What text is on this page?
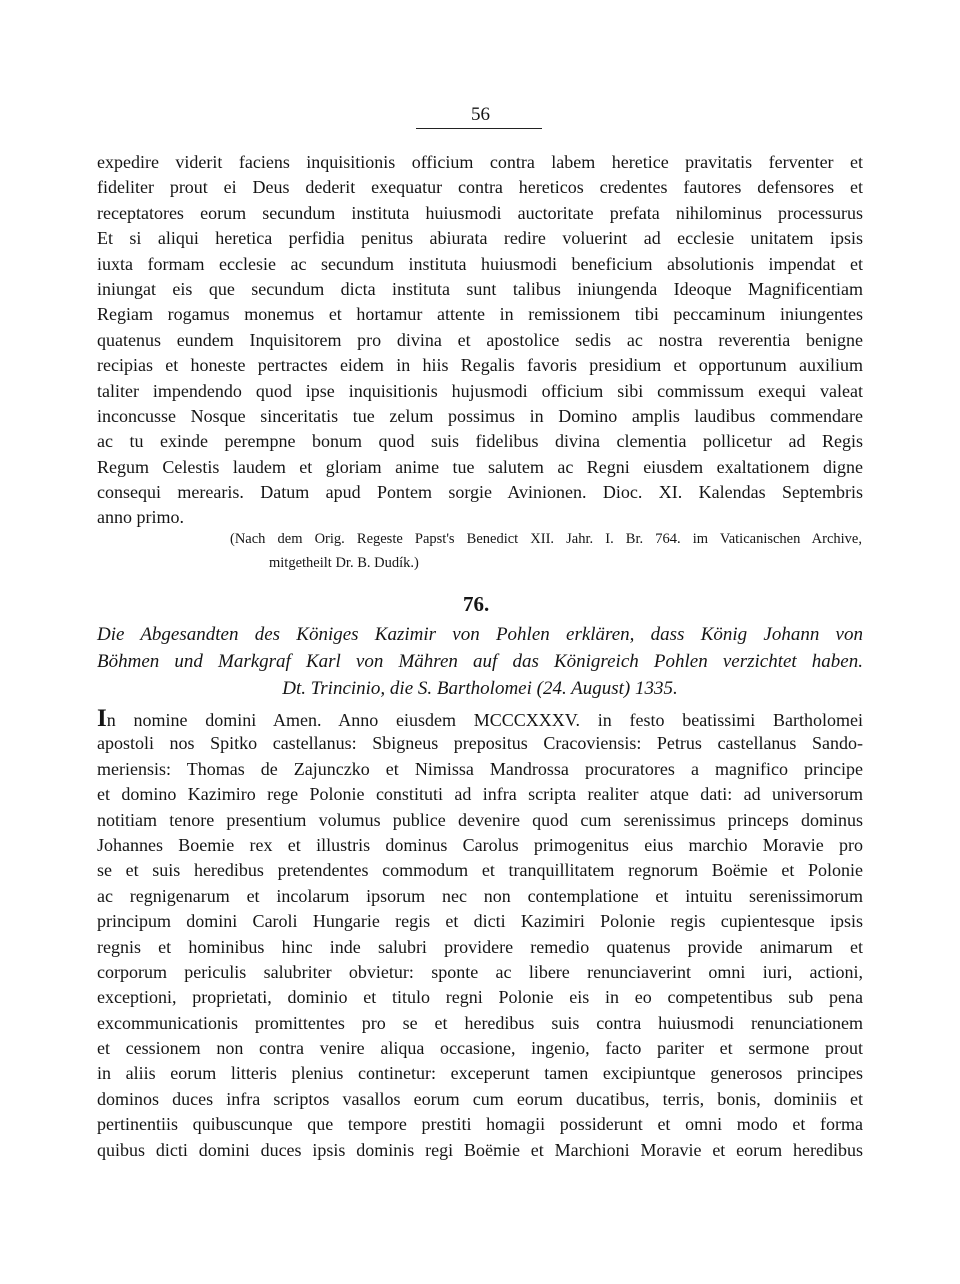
56
expedire viderit faciens inquisitionis officium contra labem heretice pravitatis ferventer et
fideliter prout ei Deus dederit exequatur contra hereticos credentes fautores defensores et
receptatores eorum secundum instituta huiusmodi auctoritate prefata nihilominus processurus
Et si aliqui heretica perfidia penitus abiurata redire voluerint ad ecclesie unitatem ipsis
iuxta formam ecclesie ac secundum instituta huiusmodi beneficium absolutionis impendat et
iniungat eis que secundum dicta instituta sunt talibus iniungenda Ideoque Magnificentiam
Regiam rogamus monemus et hortamur attente in remissionem tibi peccaminum iniungentes
quatenus eundem Inquisitorem pro divina et apostolice sedis ac nostra reverentia benigne
recipias et honeste pertractes eidem in hiis Regalis favoris presidium et opportunum auxilium
taliter impendendo quod ipse inquisitionis hujusmodi officium sibi commissum exequi valeat
inconcusse Nosque sinceritatis tue zelum possimus in Domino amplis laudibus commendare
ac tu exinde perempne bonum quod suis fidelibus divina clementia pollicetur ad Regis
Regum Celestis laudem et gloriam anime tue salutem ac Regni eiusdem exaltationem digne
consequi merearis. Datum apud Pontem sorgie Avinionen. Dioc. XI. Kalendas Septembris
anno primo.
(Nach dem Orig. Regeste Papst's Benedict XII. Jahr. I. Br. 764. im Vaticanischen Archive,
mitgetheilt Dr. B. Dudík.)
76.
Die Abgesandten des Königes Kazimir von Pohlen erklären, dass König Johann von
Böhmen und Markgraf Karl von Mähren auf das Königreich Pohlen verzichtet haben.
Dt. Trincinio, die S. Bartholomei (24. August) 1335.
In nomine domini Amen. Anno eiusdem MCCCXXXV. in festo beatissimi Bartholomei
apostoli nos Spitko castellanus: Sbigneus prepositus Cracoviensis: Petrus castellanus Sando-
meriensis: Thomas de Zajunczko et Nimissa Mandrossa procuratores a magnifico principe
et domino Kazimiro rege Polonie constituti ad infra scripta realiter atque dati: ad universorum
notitiam tenore presentium volumus publice devenire quod cum serenissimus princeps dominus
Johannes Boemie rex et illustris dominus Carolus primogenitus eius marchio Moravie pro
se et suis heredibus pretendentes commodum et tranquillitatem regnorum Boëmie et Polonie
ac regnigenarum et incolarum ipsorum nec non contemplatione et intuitu serenissimorum
principum domini Caroli Hungarie regis et dicti Kazimiri Polonie regis cupientesque ipsis
regnis et hominibus hinc inde salubri providere remedio quatenus provide animarum et
corporum periculis salubriter obvietur: sponte ac libere renunciaverint omni iuri, actioni,
exceptioni, proprietati, dominio et titulo regni Polonie eis in eo competentibus sub pena
excommunicationis promittentes pro se et heredibus suis contra huiusmodi renunciationem
et cessionem non contra venire aliqua occasione, ingenio, facto pariter et sermone prout
in aliis eorum litteris plenius continetur: exceperunt tamen excipiuntque generosos principes
dominos duces infra scriptos vasallos eorum cum eorum ducatibus, terris, bonis, dominiis et
pertinentiis quibuscunque que tempore prestiti homagii possiderunt et omni modo et forma
quibus dicti domini duces ipsis dominis regi Boëmie et Marchioni Moravie et eorum heredibus
